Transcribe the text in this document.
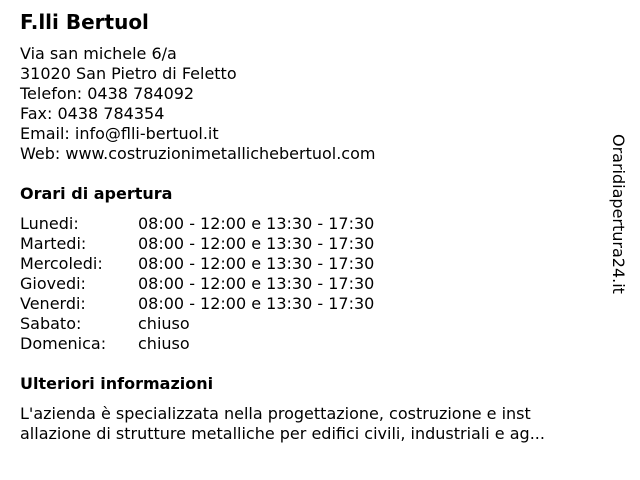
F.lli Bertuol
Via san michele 6/a
31020 San Pietro di Feletto
Telefon: 0438 784092
Fax: 0438 784354
Email: info@flli-bertuol.it
Web: www.costruzionimetallichebertuol.com
Orari di apertura
Lunedi:	08:00 - 12:00 e 13:30 - 17:30
Martedi:	08:00 - 12:00 e 13:30 - 17:30
Mercoledi: 08:00 - 12:00 e 13:30 - 17:30
Giovedi:	08:00 - 12:00 e 13:30 - 17:30
Venerdi:	08:00 - 12:00 e 13:30 - 17:30
Sabato:	chiuso
Domenica: chiuso
Ulteriori informazioni
L'azienda è specializzata nella progettazione, costruzione e inst
allazione di strutture metalliche per edifici civili, industriali e ag...
Oraridiapertura24.it
